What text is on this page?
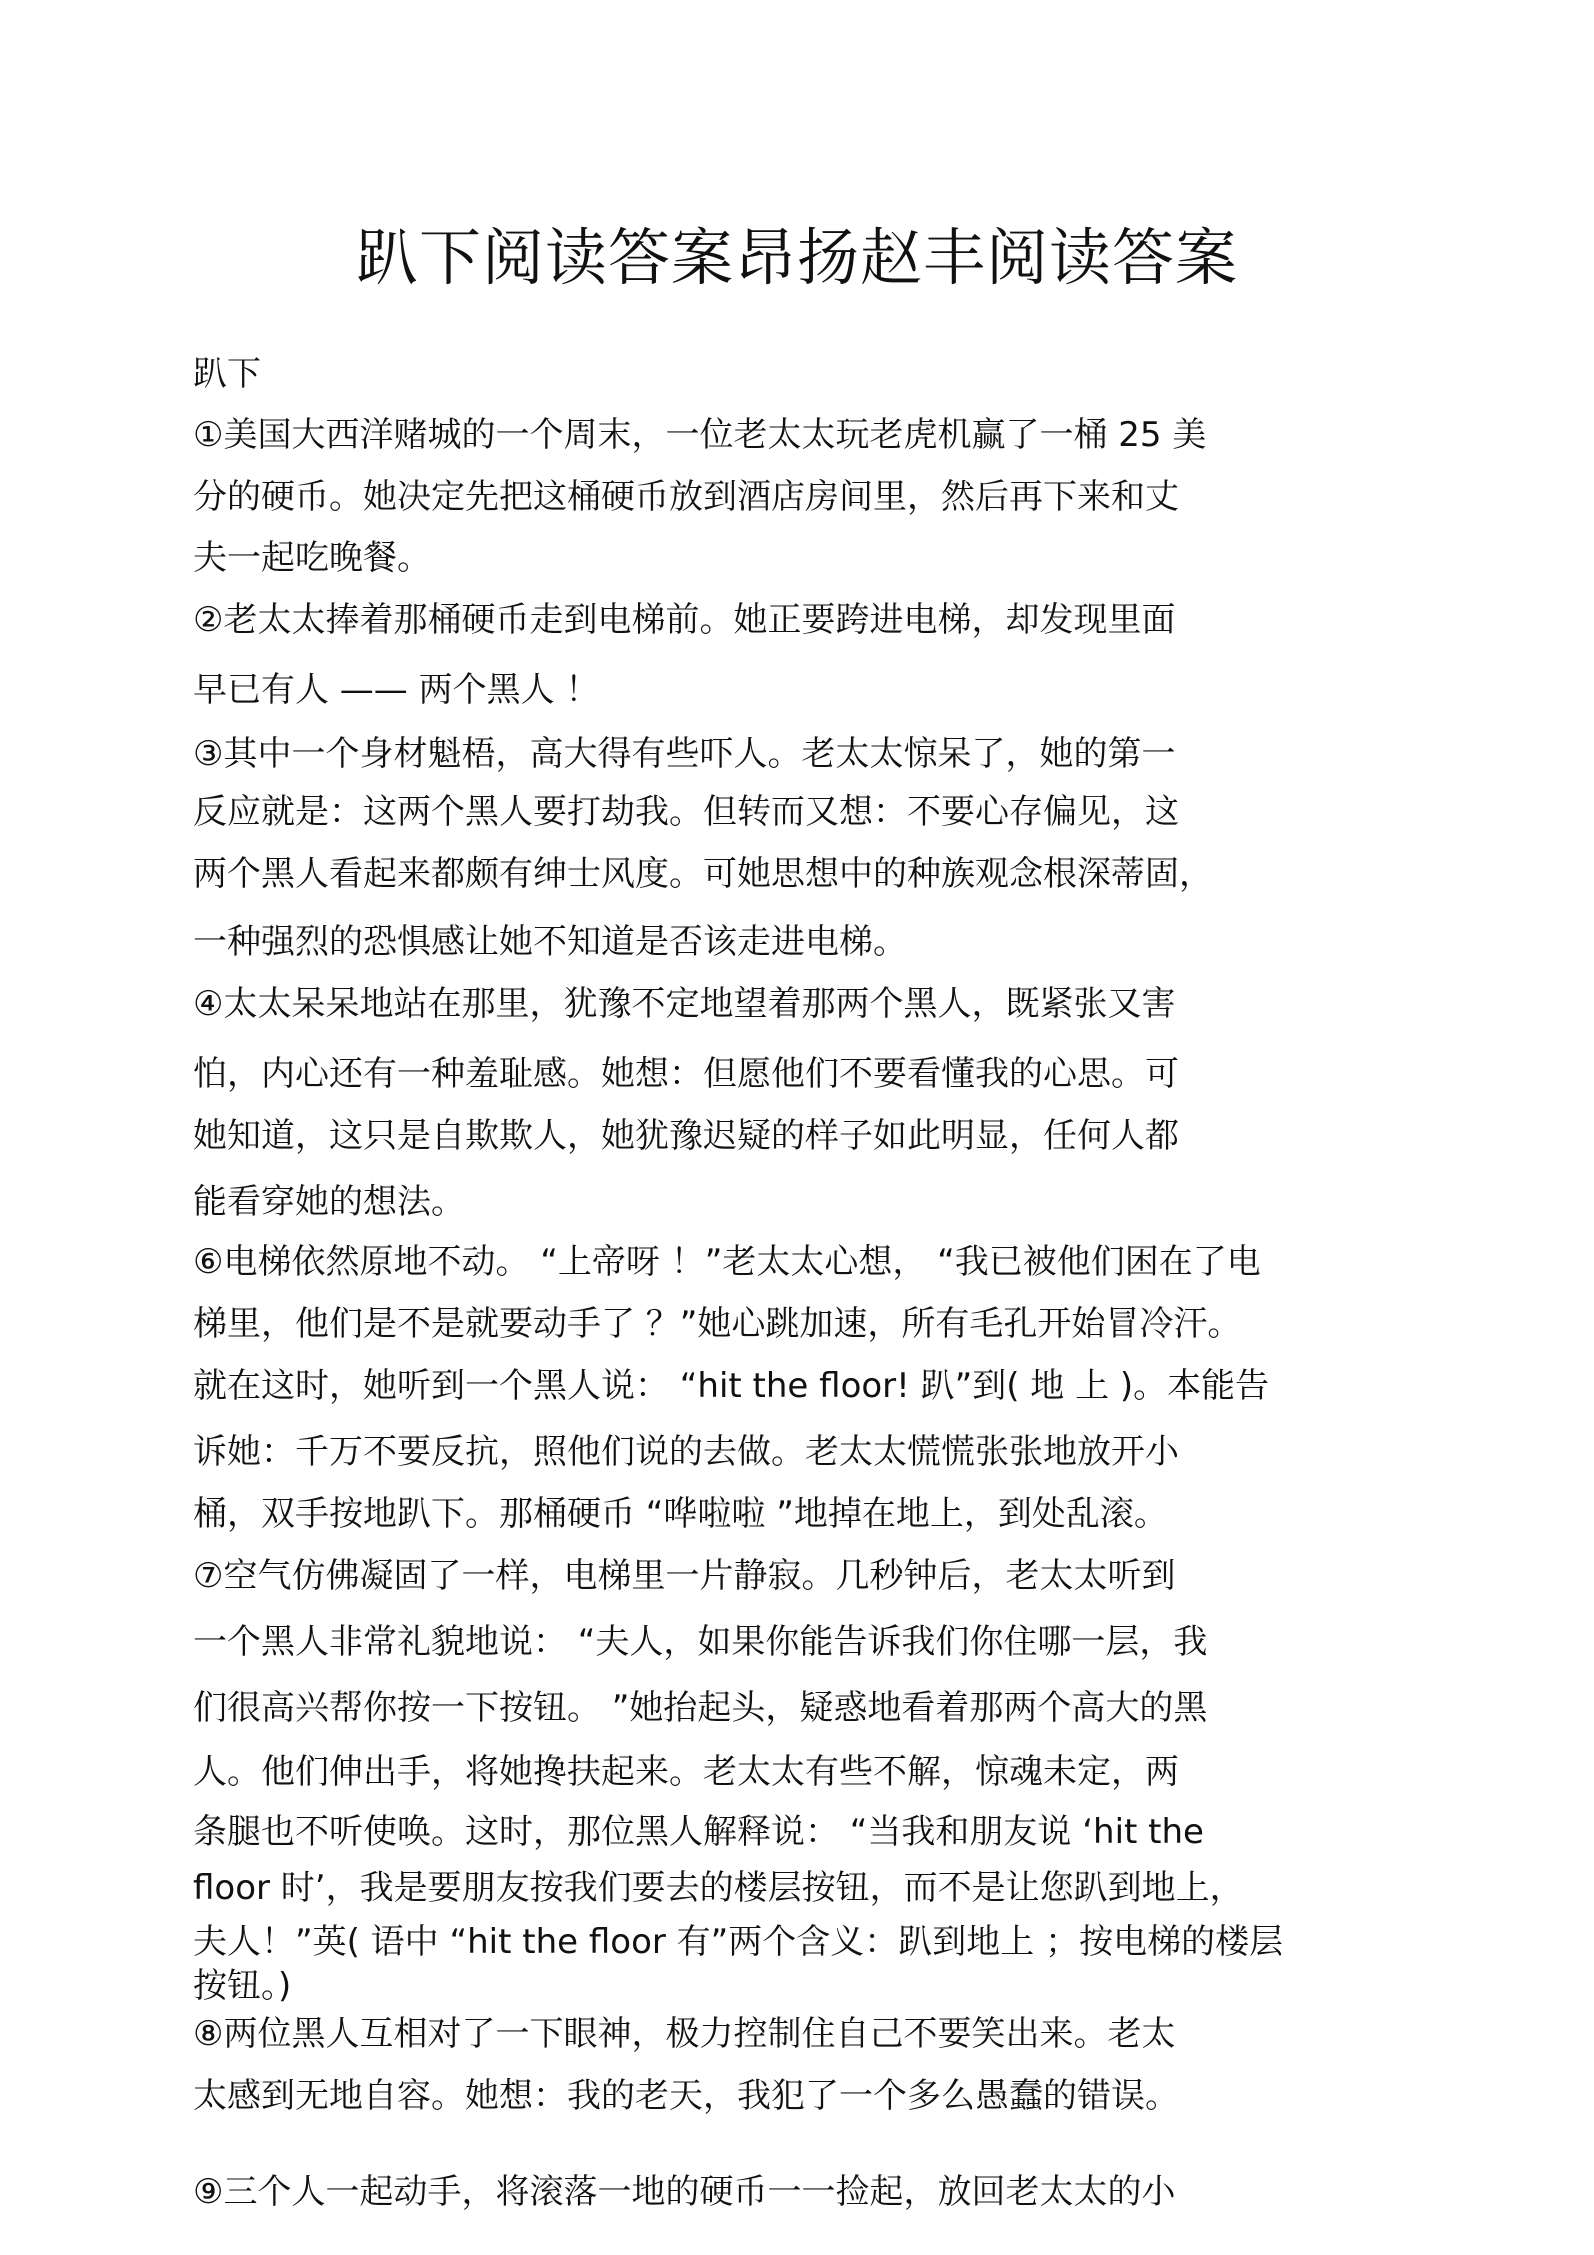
趴下阅读答案昂扬赵丰阅读答案
趴下
①美国大西洋赌城的一个周末，一位老太太玩老虎机赢了一桶 25 美
分的硬币。她决定先把这桶硬币放到酒店房间里，然后再下来和丈
夫一起吃晚餐。
②老太太捧着那桶硬币走到电梯前。她正要跨进电梯，却发现里面
早已有人 —— 两个黑人 ！
③其中一个身材魁梧，高大得有些吓人。老太太惊呆了，她的第一
反应就是：这两个黑人要打劫我。但转而又想：不要心存偏见，这
两个黑人看起来都颇有绅士风度。可她思想中的种族观念根深蒂固，
一种强烈的恐惧感让她不知道是否该走进电梯。
④太太呆呆地站在那里，犹豫不定地望着那两个黑人，既紧张又害
怕，内心还有一种羞耻感。她想：但愿他们不要看懂我的心思。可
她知道，这只是自欺欺人，她犹豫迟疑的样子如此明显，任何人都
能看穿她的想法。
⑥电梯依然原地不动。 “上帝呀 ！”老太太心想， “我已被他们困在了电
梯里，他们是不是就要动手了 ？”她心跳加速，所有毛孔开始冒冷汗。
就在这时，她听到一个黑人说： “hit the floor! 趴”到( 地 上 )。本能告
诉她：千万不要反抗，照他们说的去做。老太太慌慌张张地放开小
桶，双手按地趴下。那桶硬币 “哗啦啦 ”地掉在地上，到处乱滚。
⑦空气仿佛凝固了一样，电梯里一片静寂。几秒钟后，老太太听到
一个黑人非常礼貌地说： “夫人，如果你能告诉我们你住哪一层，我
们很高兴帮你按一下按钮。 ”她抬起头，疑惑地看着那两个高大的黑
人。他们伸出手，将她搀扶起来。老太太有些不解，惊魂未定，两
条腿也不听使唤。这时，那位黑人解释说： “当我和朋友说 ‘hit the
floor 时’，我是要朋友按我们要去的楼层按钮，而不是让您趴到地上，
夫人！”英( 语中 “hit the floor 有”两个含义：趴到地上 ；按电梯的楼层
按钮。)
⑧两位黑人互相对了一下眼神，极力控制住自己不要笑出来。老太
太感到无地自容。她想：我的老天，我犯了一个多么愚蠢的错误。
⑨三个人一起动手，将滚落一地的硬币一一捡起，放回老太太的小
